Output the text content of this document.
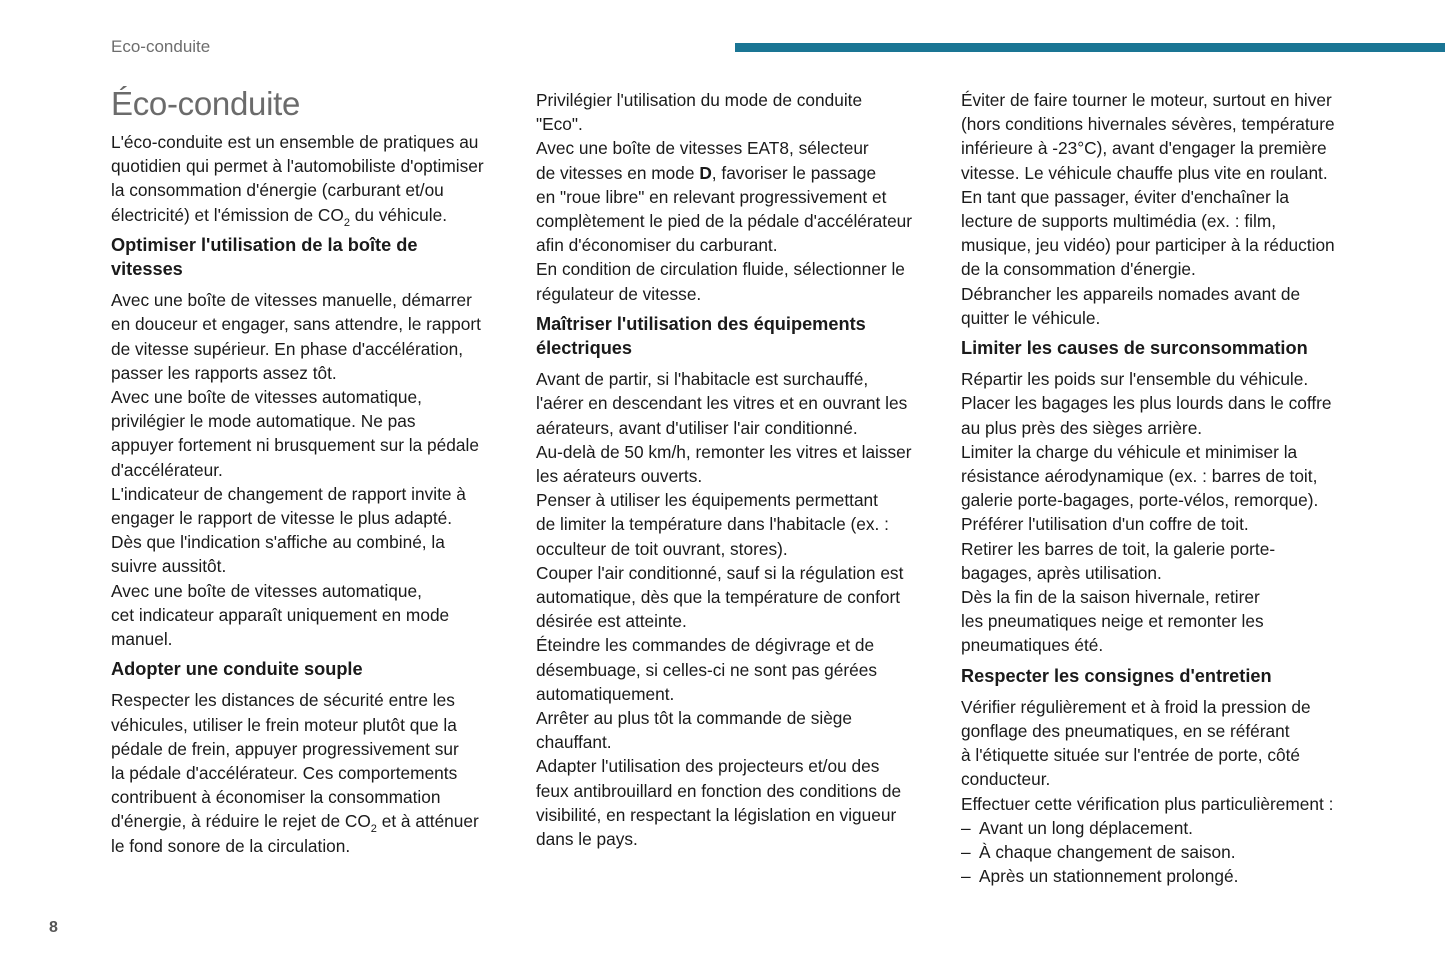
Eco-conduite
Éco-conduite

L'éco-conduite est un ensemble de pratiques au
quotidien qui permet à l'automobiliste d'optimiser
la consommation d'énergie (carburant et/ou
électricité) et l'émission de $CO_2$ du véhicule.

Optimiser l'utilisation de la boîte de
vitesses

Avec une boîte de vitesses manuelle, démarrer
en douceur et engager, sans attendre, le rapport
de vitesse supérieur. En phase d'accélération,
passer les rapports assez tôt.

Avec une boîte de vitesses automatique,
privilégier le mode automatique. Ne pas
appuyer fortement ni brusquement sur la pédale
d'accélérateur.

L'indicateur de changement de rapport invite à
engager le rapport de vitesse le plus adapté.
Dès que l'indication s'affiche au combiné, la
suivre aussitôt.

Avec une boîte de vitesses automatique,
cet indicateur apparaît uniquement en mode
manuel.

Adopter une conduite souple

Respecter les distances de sécurité entre les
véhicules, utiliser le frein moteur plutôt que la
pédale de frein, appuyer progressivement sur
la pédale d'accélérateur. Ces comportements
contribuent à économiser la consommation
d'énergie, à réduire le rejet de $CO_2$ et à atténuer
le fond sonore de la circulation.

Privilégier l'utilisation du mode de conduite
"Eco".

Avec une boîte de vitesses EAT8, sélecteur
de vitesses en mode D, favoriser le passage
en "roue libre" en relevant progressivement et
complètement le pied de la pédale d'accélérateur
afin d'économiser du carburant.

En condition de circulation fluide, sélectionner le
régulateur de vitesse.

Maîtriser l'utilisation des équipements
électriques

Avant de partir, si l'habitacle est surchauffé,
l'aérer en descendant les vitres et en ouvrant les
aérateurs, avant d'utiliser l'air conditionné.

Au-delà de 50 km/h, remonter les vitres et laisser
les aérateurs ouverts.

Penser à utiliser les équipements permettant
de limiter la température dans l'habitacle (ex. :
occulteur de toit ouvrant, stores).

Couper l'air conditionné, sauf si la régulation est
automatique, dès que la température de confort
désirée est atteinte.

Éteindre les commandes de dégivrage et de
désembuage, si celles-ci ne sont pas gérées
automatiquement.

Arrêter au plus tôt la commande de siège
chauffant.

Adapter l'utilisation des projecteurs et/ou des
feux antibrouillard en fonction des conditions de
visibilité, en respectant la législation en vigueur
dans le pays.

Éviter de faire tourner le moteur, surtout en hiver
(hors conditions hivernales sévères, température
inférieure à -23°C), avant d'engager la première
vitesse. Le véhicule chauffe plus vite en roulant.

En tant que passager, éviter d'enchaîner la
lecture de supports multimédia (ex. : film,
musique, jeu vidéo) pour participer à la réduction
de la consommation d'énergie.

Débrancher les appareils nomades avant de
quitter le véhicule.

Limiter les causes de surconsommation

Répartir les poids sur l'ensemble du véhicule.
Placer les bagages les plus lourds dans le coffre
au plus près des sièges arrière.

Limiter la charge du véhicule et minimiser la
résistance aérodynamique (ex. : barres de toit,
galerie porte-bagages, porte-vélos, remorque).
Préférer l'utilisation d'un coffre de toit.

Retirer les barres de toit, la galerie porte-
bagages, après utilisation.

Dès la fin de la saison hivernale, retirer
les pneumatiques neige et remonter les
pneumatiques été.

Respecter les consignes d'entretien

Vérifier régulièrement et à froid la pression de
gonflage des pneumatiques, en se référant
à l'étiquette située sur l'entrée de porte, côté
conducteur.

Effectuer cette vérification plus particulièrement :

– Avant un long déplacement.
– À chaque changement de saison.
– Après un stationnement prolongé.
8
